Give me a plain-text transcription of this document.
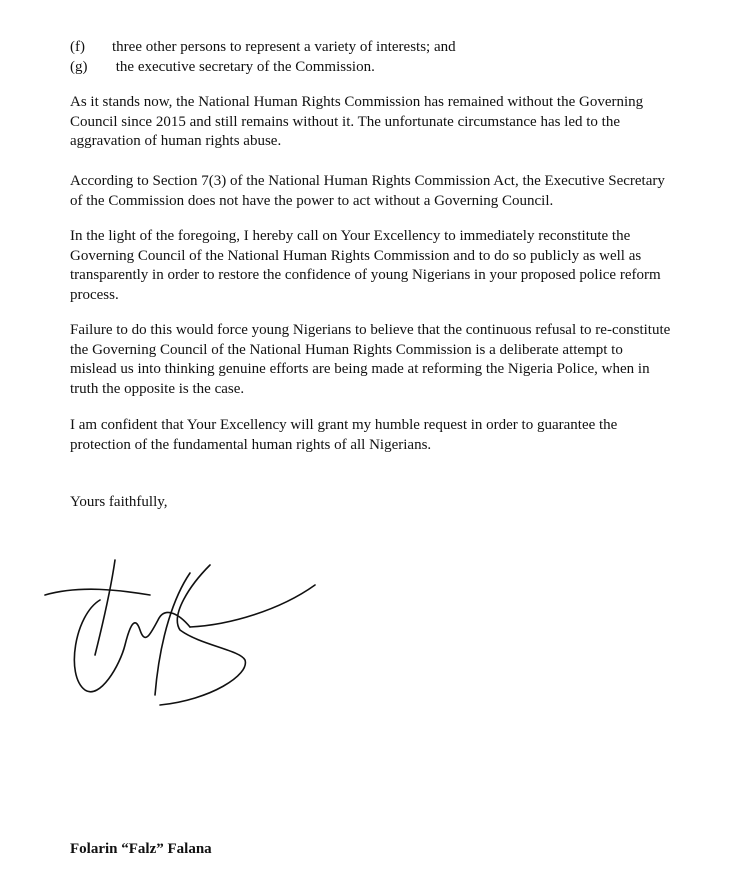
(f) three other persons to represent a variety of interests; and
(g) the executive secretary of the Commission.
As it stands now, the National Human Rights Commission has remained without the Governing
Council since 2015 and still remains without it. The unfortunate circumstance has led to the
aggravation of human rights abuse.
According to Section 7(3) of the National Human Rights Commission Act, the Executive Secretary
of the Commission does not have the power to act without a Governing Council.
In the light of the foregoing, I hereby call on Your Excellency to immediately reconstitute the
Governing Council of the National Human Rights Commission and to do so publicly as well as
transparently in order to restore the confidence of young Nigerians in your proposed police reform
process.
Failure to do this would force young Nigerians to believe that the continuous refusal to re-constitute
the Governing Council of the National Human Rights Commission is a deliberate attempt to
mislead us into thinking genuine efforts are being made at reforming the Nigeria Police, when in
truth the opposite is the case.
I am confident that Your Excellency will grant my humble request in order to guarantee the
protection of the fundamental human rights of all Nigerians.
Yours faithfully,
Folarin “Falz” Falana
